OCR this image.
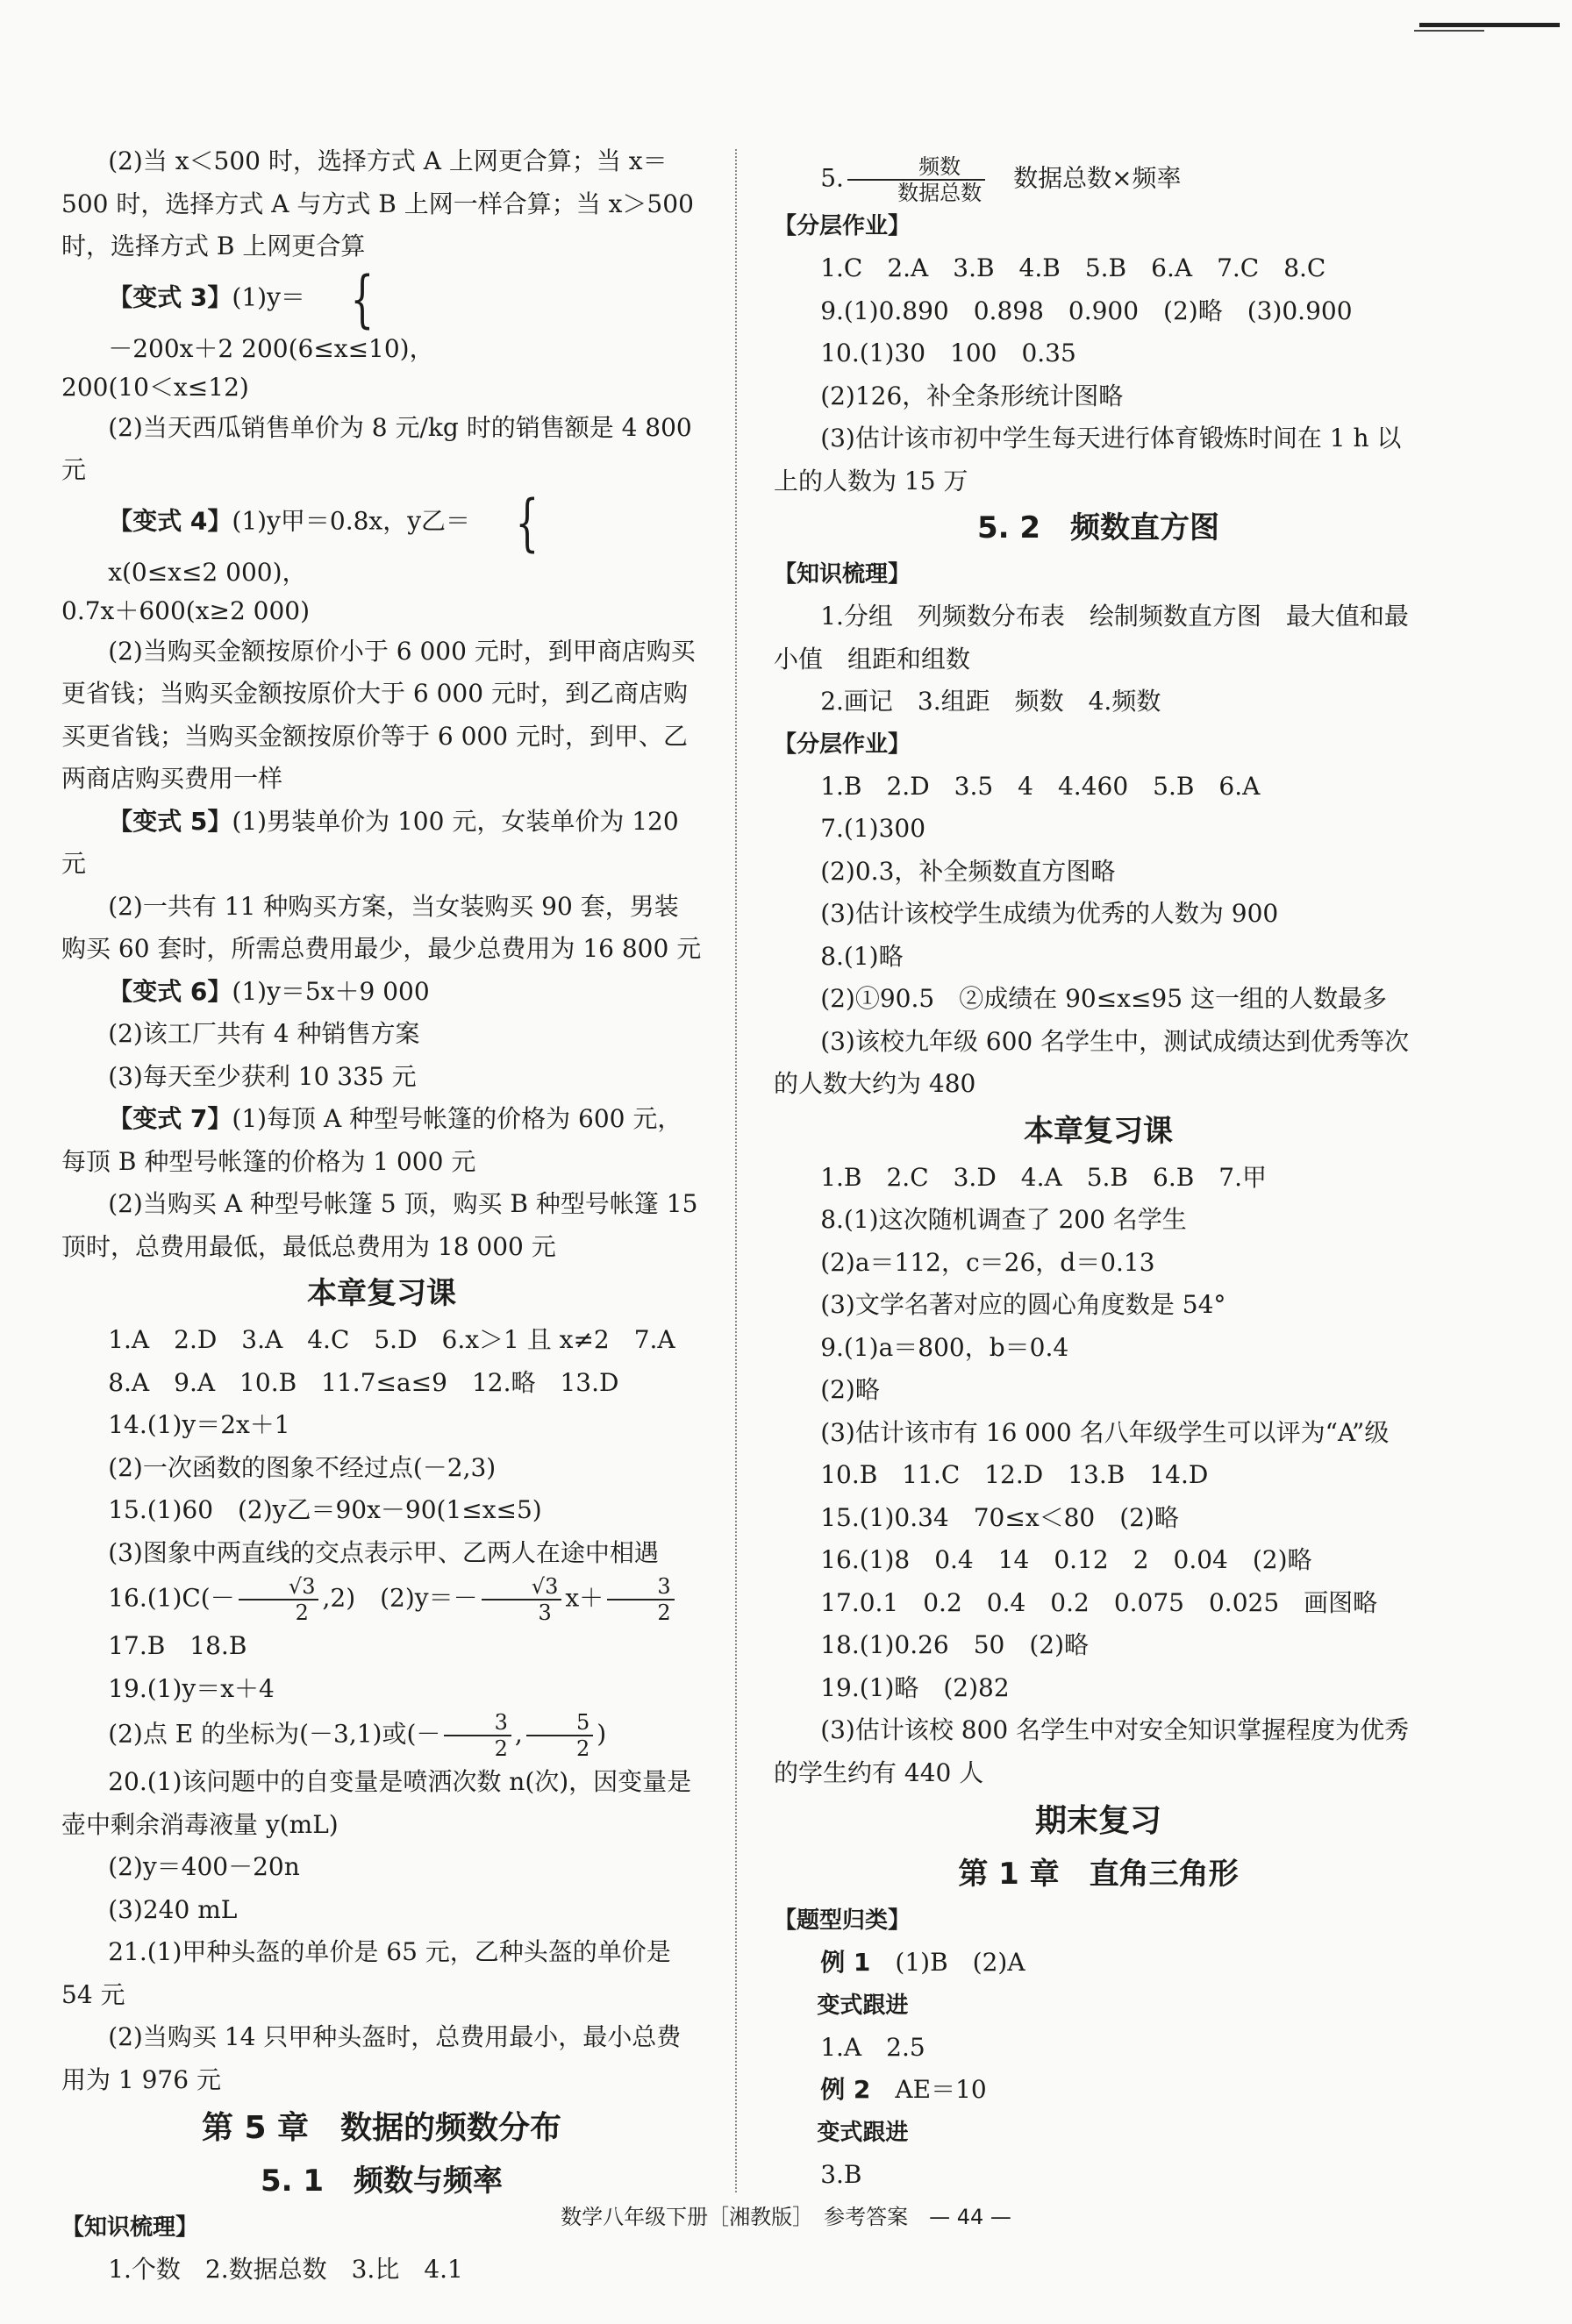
(2)当 x＜500 时，选择方式 A 上网更合算；当 x＝500 时，选择方式 A 与方式 B 上网一样合算；当 x＞500 时，选择方式 B 上网更合算

【变式 3】(1)y＝ {－200x＋2 200(6≤x≤10)，
200(10＜x≤12)

(2)当天西瓜销售单价为 8 元/kg 时的销售额是 4 800 元

【变式 4】(1)y甲＝0.8x，y乙＝ {x(0≤x≤2 000)，
0.7x＋600(x≥2 000)

(2)当购买金额按原价小于 6 000 元时，到甲商店购买更省钱；当购买金额按原价大于 6 000 元时，到乙商店购买更省钱；当购买金额按原价等于 6 000 元时，到甲、乙两商店购买费用一样

【变式 5】(1)男装单价为 100 元，女装单价为 120 元

(2)一共有 11 种购买方案，当女装购买 90 套，男装购买 60 套时，所需总费用最少，最少总费用为 16 800 元

【变式 6】(1)y＝5x＋9 000

(2)该工厂共有 4 种销售方案

(3)每天至少获利 10 335 元

【变式 7】(1)每顶 A 种型号帐篷的价格为 600 元，每顶 B 种型号帐篷的价格为 1 000 元

(2)当购买 A 种型号帐篷 5 顶，购买 B 种型号帐篷 15 顶时，总费用最低，最低总费用为 18 000 元

本章复习课

1.A　2.D　3.A　4.C　5.D　6.x＞1 且 x≠2　7.A

8.A　9.A　10.B　11.7≤a≤9　12.略　13.D

14.(1)y＝2x＋1

(2)一次函数的图象不经过点(－2,3)

15.(1)60　(2)y乙＝90x－90(1≤x≤5)

(3)图象中两直线的交点表示甲、乙两人在途中相遇

$16.(1)C(- \frac{√3}{2} ,2)$　$(2)y=- \frac{√3}{3} x+ \frac{3}{2}$

17.B　18.B

19.(1)y＝x＋4

(2)点 E 的坐标为(－3,1)或(－ $\frac{3}{2}$ , $\frac{5}{2}$ )

20.(1)该问题中的自变量是喷洒次数 n(次)，因变量是壶中剩余消毒液量 y(mL)

(2)y＝400－20n

(3)240 mL

21.(1)甲种头盔的单价是 65 元，乙种头盔的单价是 54 元

(2)当购买 14 只甲种头盔时，总费用最小，最小总费用为 1 976 元

第 5 章　数据的频数分布
5. 1　频数与频率
【知识梳理】

1.个数　2.数据总数　3.比　4.1

5. $\frac{\text{频数}}{\text{数据总数}}$ 　数据总数×频率

【分层作业】

1.C　2.A　3.B　4.B　5.B　6.A　7.C　8.C

9.(1)0.890　0.898　0.900　(2)略　(3)0.900

10.(1)30　100　0.35

(2)126，补全条形统计图略

(3)估计该市初中学生每天进行体育锻炼时间在 1 h 以上的人数为 15 万

5. 2　频数直方图
【知识梳理】

1.分组　列频数分布表　绘制频数直方图　最大值和最小值　组距和组数

2.画记　3.组距　频数　4.频数

【分层作业】

1.B　2.D　3.5　4　4.460　5.B　6.A

7.(1)300

(2)0.3，补全频数直方图略

(3)估计该校学生成绩为优秀的人数为 900

8.(1)略

(2)①90.5　②成绩在 90≤x≤95 这一组的人数最多

(3)该校九年级 600 名学生中，测试成绩达到优秀等次的人数大约为 480

本章复习课

1.B　2.C　3.D　4.A　5.B　6.B　7.甲

8.(1)这次随机调查了 200 名学生

(2)a＝112，c＝26，d＝0.13

(3)文学名著对应的圆心角度数是 54°

9.(1)a＝800，b＝0.4

(2)略

(3)估计该市有 16 000 名八年级学生可以评为“A”级

10.B　11.C　12.D　13.B　14.D

15.(1)0.34　70≤x＜80　(2)略

16.(1)8　0.4　14　0.12　2　0.04　(2)略

17.0.1　0.2　0.4　0.2　0.075　0.025　画图略

18.(1)0.26　50　(2)略

19.(1)略　(2)82

(3)估计该校 800 名学生中对安全知识掌握程度为优秀的学生约有 440 人

期末复习
第 1 章　直角三角形
【题型归类】

例 1　(1)B　(2)A

变式跟进

1.A　2.5

例 2　AE＝10

变式跟进

3.B

数学八年级下册［湘教版］　参考答案　— 44 —
